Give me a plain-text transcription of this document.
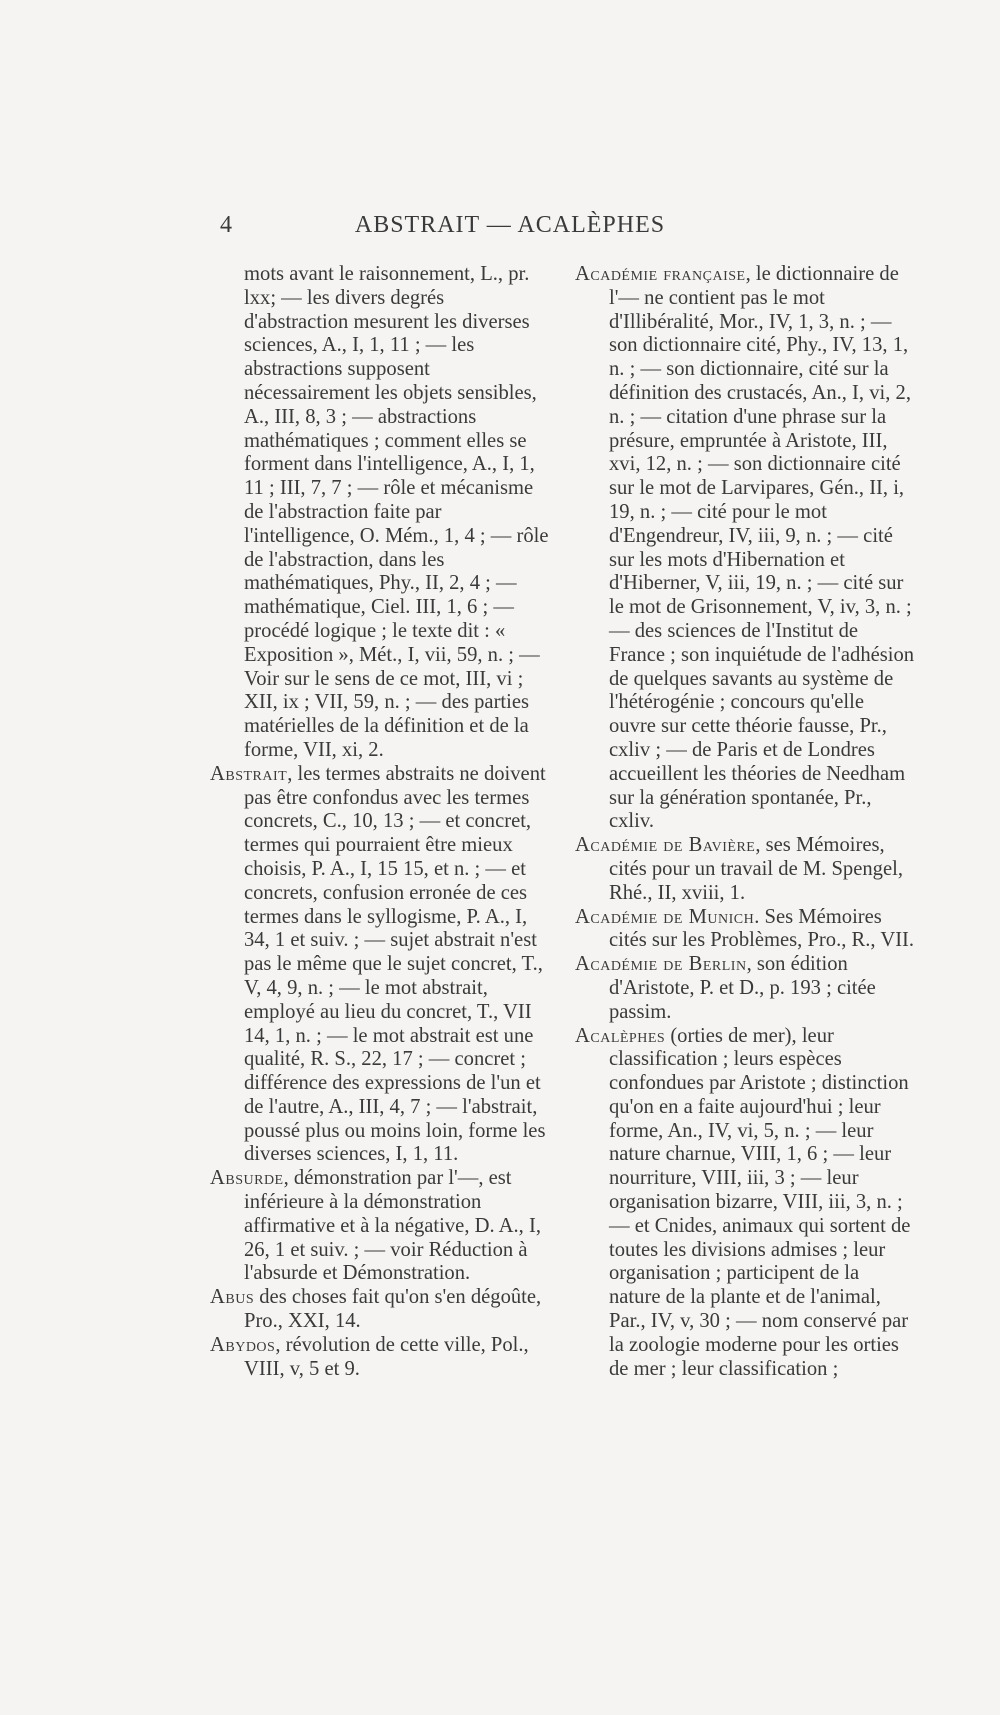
4	ABSTRAIT — ACALÈPHES

mots avant le raisonnement, L., pr. lxx; — les divers degrés d'abstraction mesurent les diverses sciences, A., I, 1, 11 ; — les abstractions supposent nécessairement les objets sensibles, A., III, 8, 3 ; — abstractions mathématiques ; comment elles se forment dans l'intelligence, A., I, 1, 11 ; III, 7, 7 ; — rôle et mécanisme de l'abstraction faite par l'intelligence, O. Mém., 1, 4 ; — rôle de l'abstraction, dans les mathématiques, Phy., II, 2, 4 ; — mathématique, Ciel. III, 1, 6 ; — procédé logique ; le texte dit : « Exposition », Mét., I, vii, 59, n. ; — Voir sur le sens de ce mot, III, vi ; XII, ix ; VII, 59, n. ; — des parties matérielles de la définition et de la forme, VII, xi, 2.

Abstrait, les termes abstraits ne doivent pas être confondus avec les termes concrets, C., 10, 13 ; — et concret, termes qui pourraient être mieux choisis, P. A., I, 15 15, et n. ; — et concrets, confusion erronée de ces termes dans le syllogisme, P. A., I, 34, 1 et suiv. ; — sujet abstrait n'est pas le même que le sujet concret, T., V, 4, 9, n. ; — le mot abstrait, employé au lieu du concret, T., VII 14, 1, n. ; — le mot abstrait est une qualité, R. S., 22, 17 ; — concret ; différence des expressions de l'un et de l'autre, A., III, 4, 7 ; — l'abstrait, poussé plus ou moins loin, forme les diverses sciences, I, 1, 11.

Absurde, démonstration par l'—, est inférieure à la démonstration affirmative et à la négative, D. A., I, 26, 1 et suiv. ; — voir Réduction à l'absurde et Démonstration.

Abus des choses fait qu'on s'en dégoûte, Pro., XXI, 14.

Abydos, révolution de cette ville, Pol., VIII, v, 5 et 9.

Académie française, le dictionnaire de l'— ne contient pas le mot d'Illibéralité, Mor., IV, 1, 3, n. ; — son dictionnaire cité, Phy., IV, 13, 1, n. ; — son dictionnaire, cité sur la définition des crustacés, An., I, vi, 2, n. ; — citation d'une phrase sur la présure, empruntée à Aristote, III, xvi, 12, n. ; — son dictionnaire cité sur le mot de Larvipares, Gén., II, i, 19, n. ; — cité pour le mot d'Engendreur, IV, iii, 9, n. ; — cité sur les mots d'Hibernation et d'Hiberner, V, iii, 19, n. ; — cité sur le mot de Grisonnement, V, iv, 3, n. ; — des sciences de l'Institut de France ; son inquiétude de l'adhésion de quelques savants au système de l'hétérogénie ; concours qu'elle ouvre sur cette théorie fausse, Pr., cxliv ; — de Paris et de Londres accueillent les théories de Needham sur la génération spontanée, Pr., cxliv.

Académie de Bavière, ses Mémoires, cités pour un travail de M. Spengel, Rhé., II, xviii, 1.

Académie de Munich. Ses Mémoires cités sur les Problèmes, Pro., R., VII.

Académie de Berlin, son édition d'Aristote, P. et D., p. 193 ; citée passim.

Acalèphes (orties de mer), leur classification ; leurs espèces confondues par Aristote ; distinction qu'on en a faite aujourd'hui ; leur forme, An., IV, vi, 5, n. ; — leur nature charnue, VIII, 1, 6 ; — leur nourriture, VIII, iii, 3 ; — leur organisation bizarre, VIII, iii, 3, n. ; — et Cnides, animaux qui sortent de toutes les divisions admises ; leur organisation ; participent de la nature de la plante et de l'animal, Par., IV, v, 30 ; — nom conservé par la zoologie moderne pour les orties de mer ; leur classification ;
